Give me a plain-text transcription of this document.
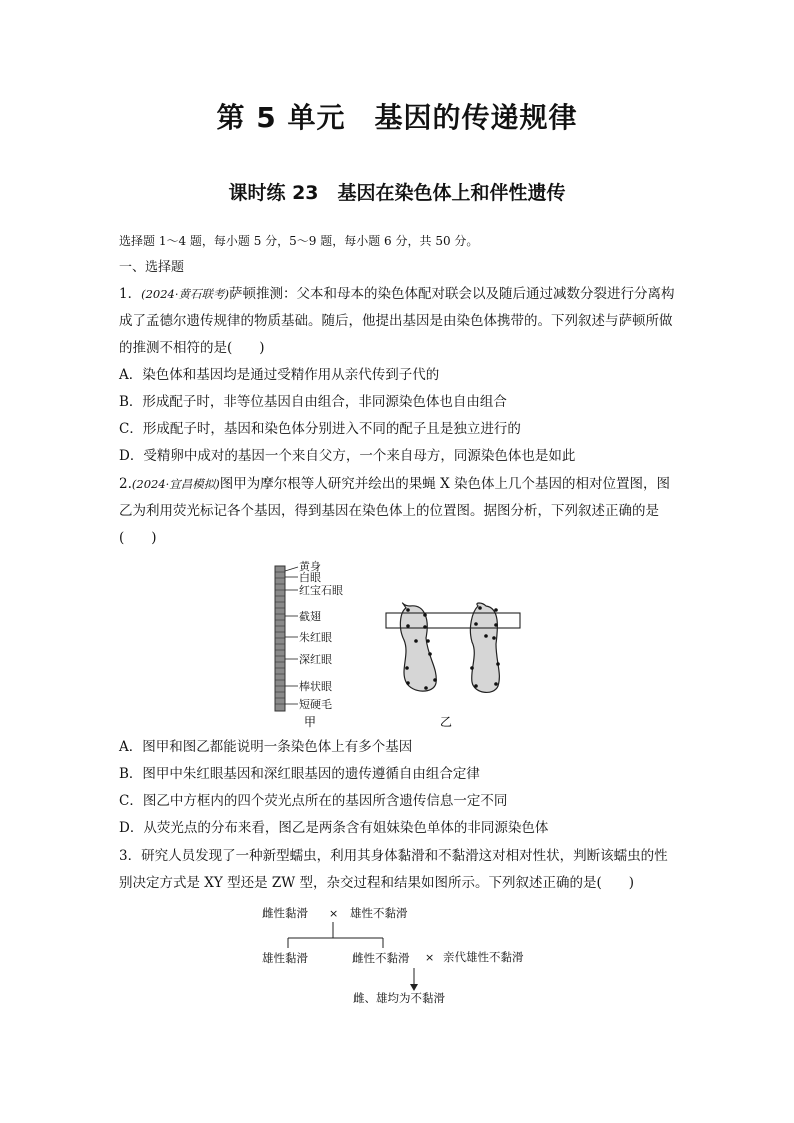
第 5 单元　基因的传递规律
课时练 23　基因在染色体上和伴性遗传
选择题 1～4 题，每小题 5 分，5～9 题，每小题 6 分，共 50 分。
一、选择题
1．(2024·黄石联考)萨顿推测：父本和母本的染色体配对联会以及随后通过减数分裂进行分离构成了孟德尔遗传规律的物质基础。随后，他提出基因是由染色体携带的。下列叙述与萨顿所做的推测不相符的是(　　)
A．染色体和基因均是通过受精作用从亲代传到子代的
B．形成配子时，非等位基因自由组合，非同源染色体也自由组合
C．形成配子时，基因和染色体分别进入不同的配子且是独立进行的
D．受精卵中成对的基因一个来自父方，一个来自母方，同源染色体也是如此
2.(2024·宜昌模拟)图甲为摩尔根等人研究并绘出的果蝇 X 染色体上几个基因的相对位置图，图乙为利用荧光标记各个基因，得到基因在染色体上的位置图。据图分析，下列叙述正确的是(　　)
黄身
白眼
红宝石眼
截翅
朱红眼
深红眼
棒状眼
短硬毛
甲	乙
A．图甲和图乙都能说明一条染色体上有多个基因
B．图甲中朱红眼基因和深红眼基因的遗传遵循自由组合定律
C．图乙中方框内的四个荧光点所在的基因所含遗传信息一定不同
D．从荧光点的分布来看，图乙是两条含有姐妹染色单体的非同源染色体
3．研究人员发现了一种新型蠕虫，利用其身体黏滑和不黏滑这对相对性状，判断该蠕虫的性别决定方式是 XY 型还是 ZW 型，杂交过程和结果如图所示。下列叙述正确的是(　　)
雌性黏滑 × 雄性不黏滑
雄性黏滑	雌性不黏滑 × 亲代雄性不黏滑
雌、雄均为不黏滑
